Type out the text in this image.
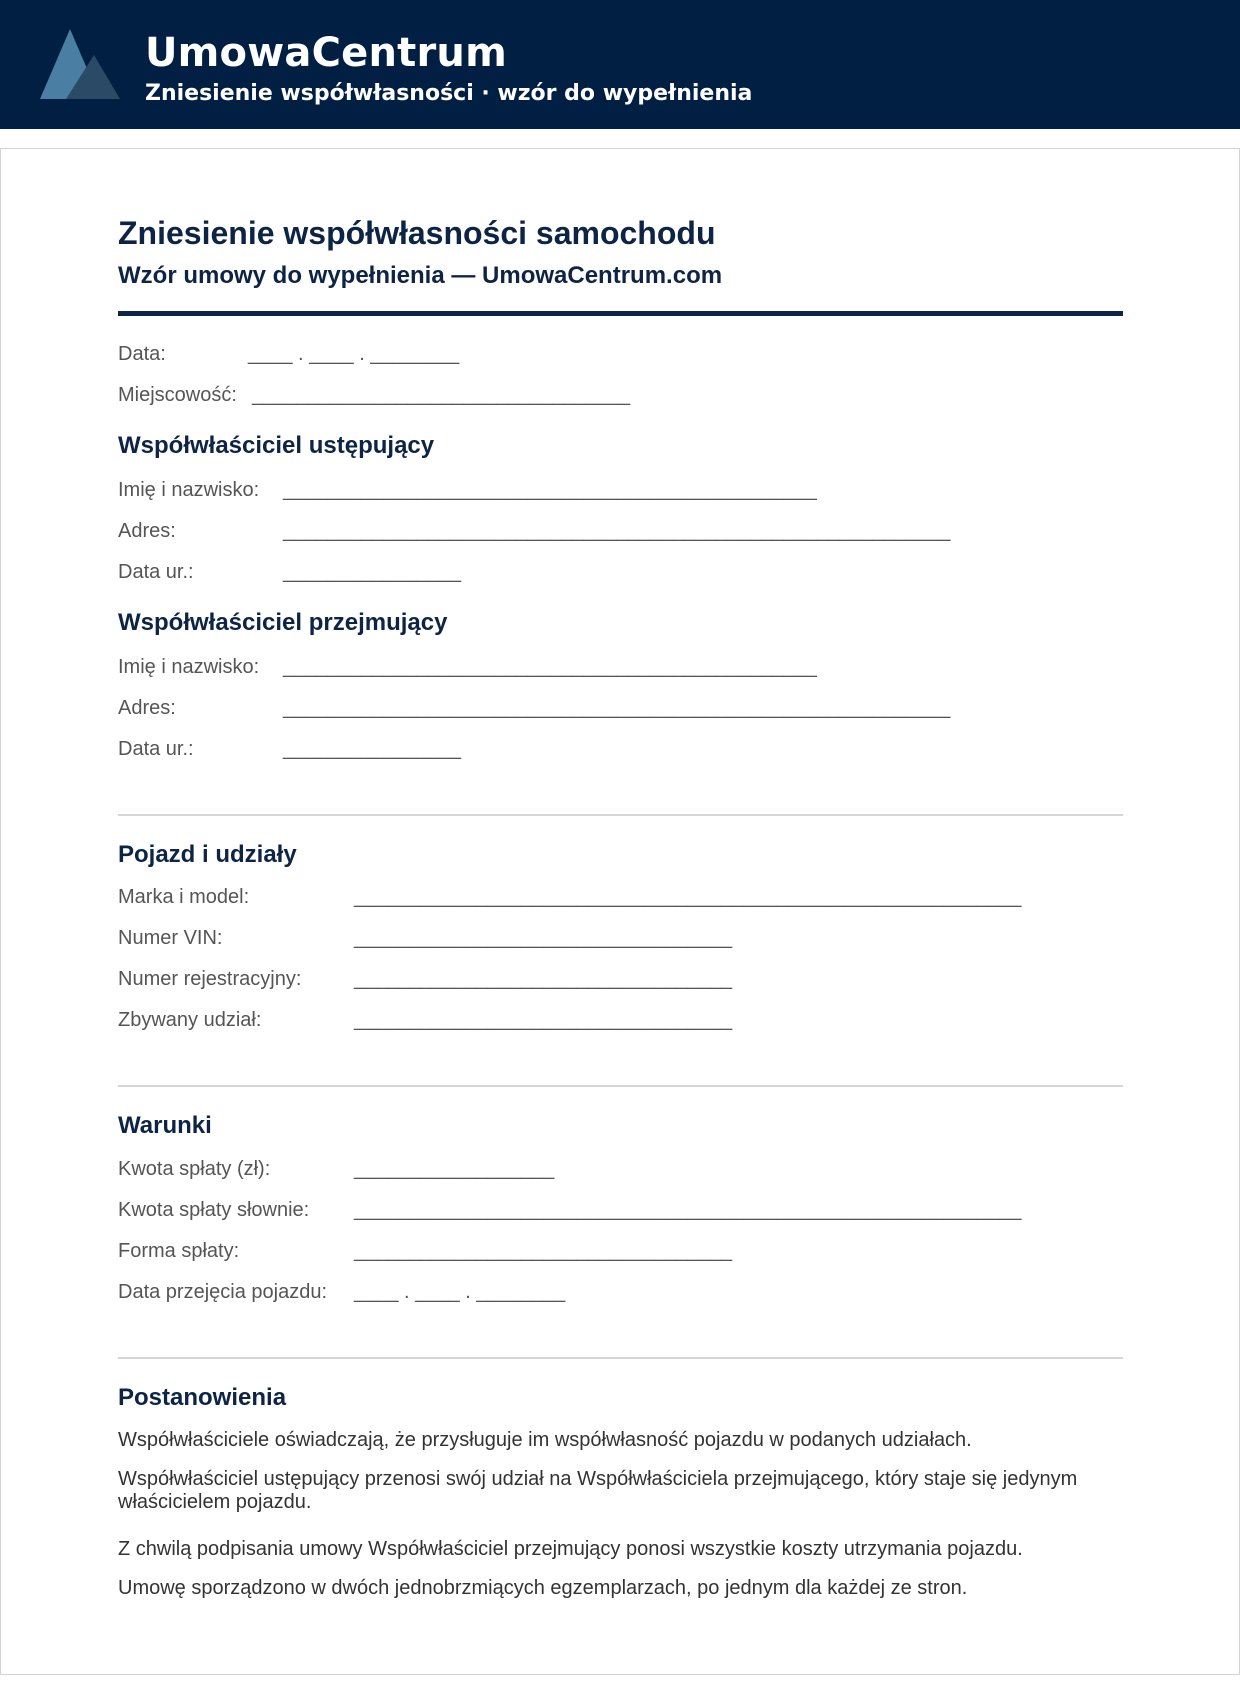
UmowaCentrum
Zniesienie współwłasności · wzór do wypełnienia
Zniesienie współwłasności samochodu
Wzór umowy do wypełnienia — UmowaCentrum.com
Data:	____ . ____ . ________
Miejscowość: __________________________________
Współwłaściciel ustępujący
Imię i nazwisko: ________________________________________________
Adres:	____________________________________________________________
Data ur.:	________________
Współwłaściciel przejmujący
Imię i nazwisko: ________________________________________________
Adres:	____________________________________________________________
Data ur.:	________________
Pojazd i udziały
Marka i model:	____________________________________________________________
Numer VIN:	__________________________________
Numer rejestracyjny:	__________________________________
Zbywany udział:	__________________________________
Warunki
Kwota spłaty (zł):	__________________
Kwota spłaty słownie: ____________________________________________________________
Forma spłaty:	__________________________________
Data przejęcia pojazdu: ____ . ____ . ________
Postanowienia
Współwłaściciele oświadczają, że przysługuje im współwłasność pojazdu w podanych udziałach.
Współwłaściciel ustępujący przenosi swój udział na Współwłaściciela przejmującego, który staje się jedynym właścicielem pojazdu.
Z chwilą podpisania umowy Współwłaściciel przejmujący ponosi wszystkie koszty utrzymania pojazdu.
Umowę sporządzono w dwóch jednobrzmiących egzemplarzach, po jednym dla każdej ze stron.
